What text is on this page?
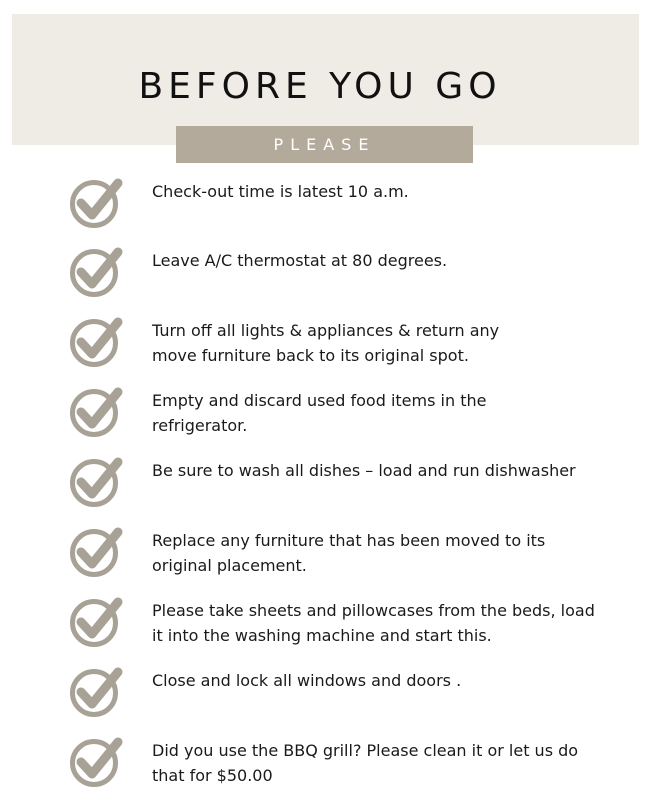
BEFORE YOU GO
PLEASE

Check-out time is latest 10 a.m.

Leave A/C thermostat at 80 degrees.

Turn off all lights & appliances & return any
move furniture back to its original spot.

Empty and discard used food items in the
refrigerator.

Be sure to wash all dishes – load and run dishwasher

Replace any furniture that has been moved to its
original placement.

Please take sheets and pillowcases from the beds, load
it into the washing machine and start this.

Close and lock all windows and doors .

Did you use the BBQ grill? Please clean it or let us do
that for $50.00
